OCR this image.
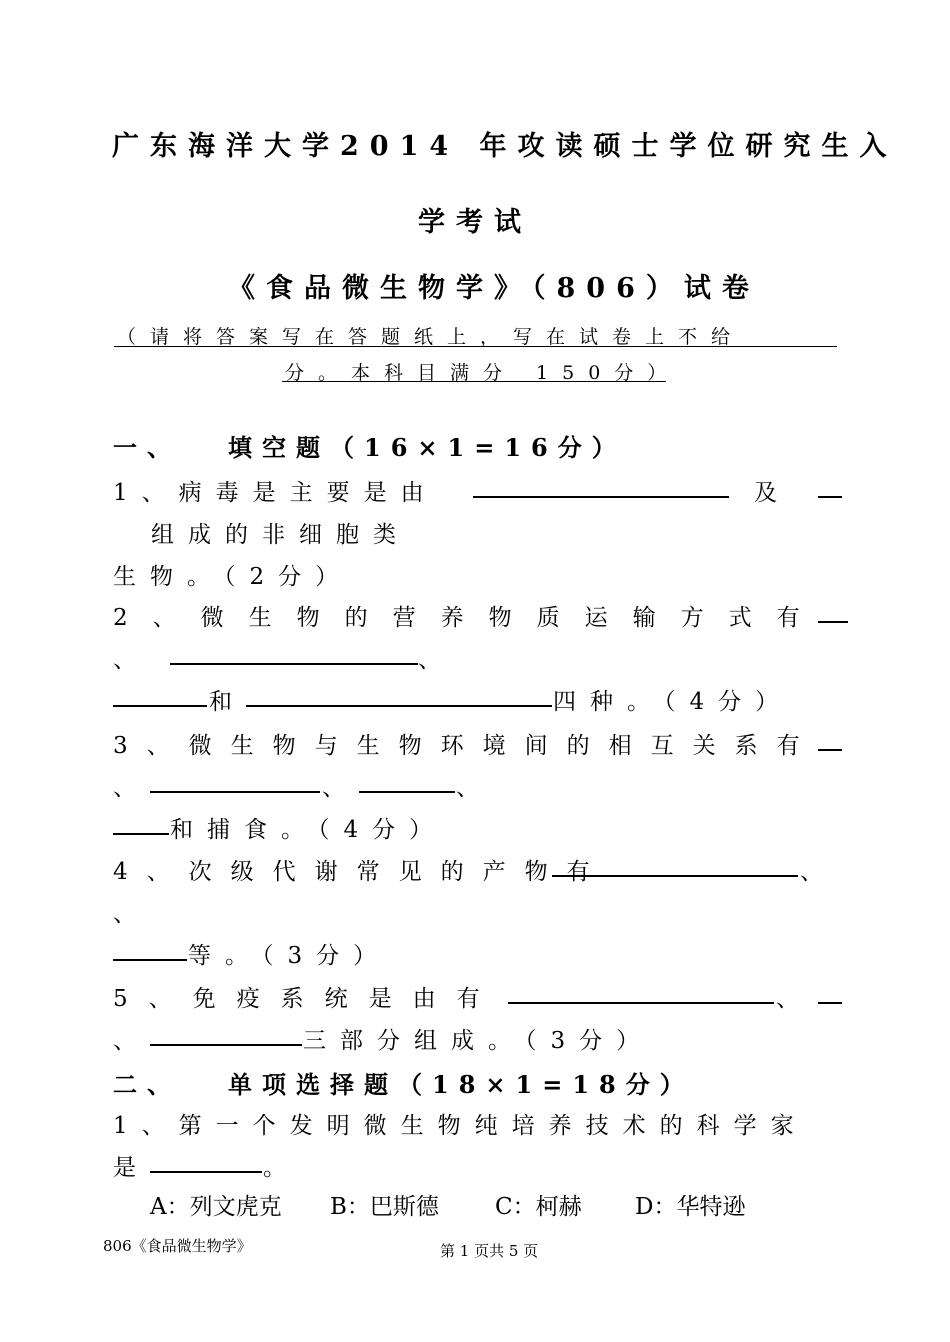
广东海洋大学2014 年攻读硕士学位研究生入
学考试
《食品微生物学》（806）试卷
（请将答案写在答题纸上，写在试卷上不给
分。本科目满分 150分）
一、 填空题（16×1=16分）
1、病毒是主要是由	及
组成的非细胞类
生物。（2分）
2、微生物的营养物质运输方式有
、	、
和	四种。（4分）
3、微生物与生物环境间的相互关系有
、	、	、
和捕食。（4分）
4、次级代谢常见的产物有	、
、
等。（3分）
5、免疫系统是由有	、
、	三部分组成。（3分）
二、 单项选择题（18×1=18分）
1、第一个发明微生物纯培养技术的科学家
是	。
A：列文虎克 B：巴斯德 C：柯赫 D：华特逊
806《食品微生物学》	第 1 页共 5 页
